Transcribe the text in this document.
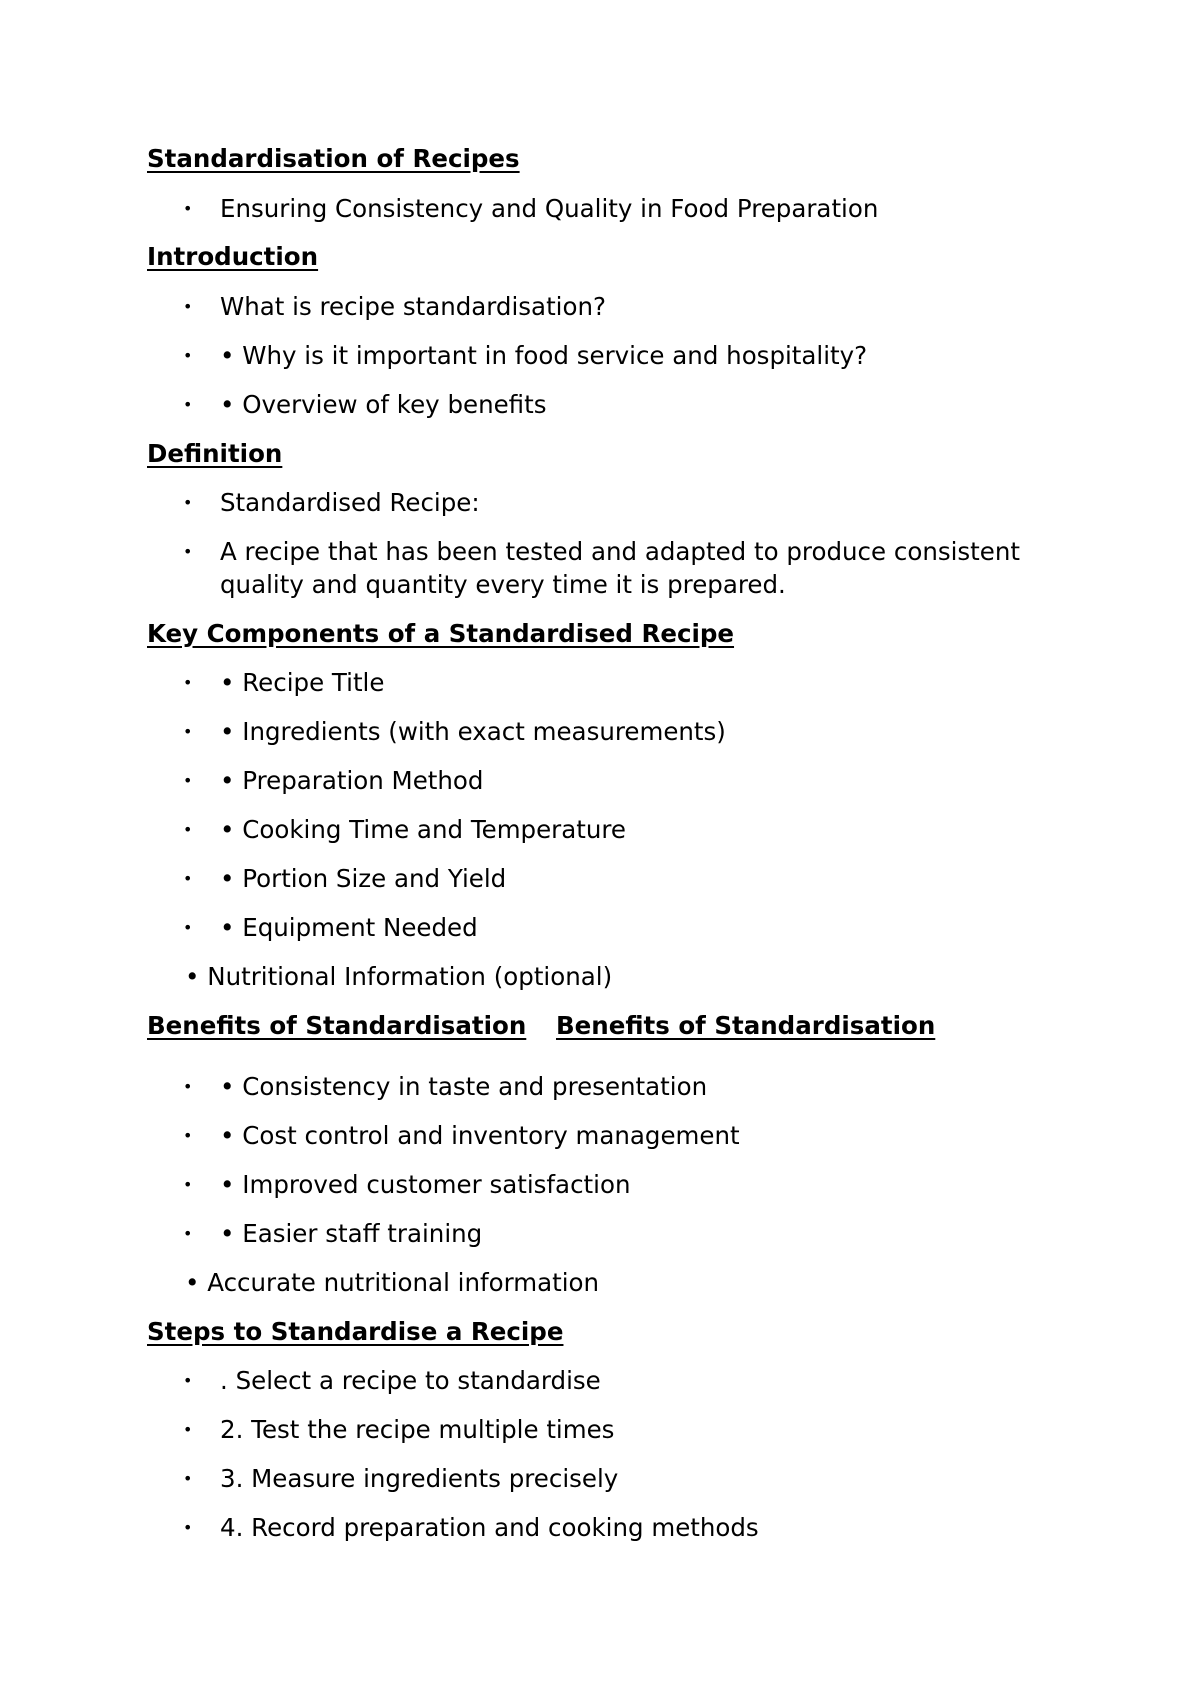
Standardisation of Recipes
• Ensuring Consistency and Quality in Food Preparation
Introduction
• What is recipe standardisation?
• • Why is it important in food service and hospitality?
• • Overview of key benefits
Definition
• Standardised Recipe:
• A recipe that has been tested and adapted to produce consistent
quality and quantity every time it is prepared.
Key Components of a Standardised Recipe
• • Recipe Title
• • Ingredients (with exact measurements)
• • Preparation Method
• • Cooking Time and Temperature
• • Portion Size and Yield
• • Equipment Needed
• Nutritional Information (optional)
Benefits of Standardisation Benefits of Standardisation
• • Consistency in taste and presentation
• • Cost control and inventory management
• • Improved customer satisfaction
• • Easier staff training
• Accurate nutritional information
Steps to Standardise a Recipe
• . Select a recipe to standardise
• 2. Test the recipe multiple times
• 3. Measure ingredients precisely
• 4. Record preparation and cooking methods
